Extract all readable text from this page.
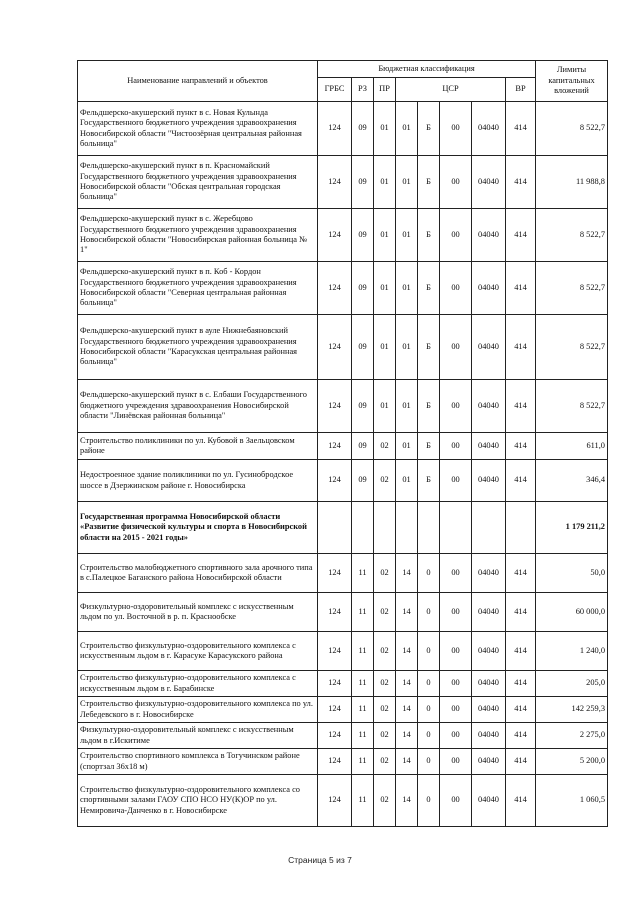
Наименование направлений и объектов	Бюджетная классификация								Лимиты капитальных вложений
	ГРБС	РЗ	ПР	ЦСР				ВР	
Фельдшерско-акушерский пункт в с. Новая Кулында Государственного бюджетного учреждения здравоохранения Новосибирской области "Чистоозёрная центральная районная больница"	124	09	01	01	Б	00	04040	414	8 522,7
Фельдшерско-акушерский пункт в п. Красномайский Государственного бюджетного учреждения здравоохранения Новосибирской области "Обская центральная городская больница"	124	09	01	01	Б	00	04040	414	11 988,8
Фельдшерско-акушерский пункт в с. Жеребцово Государственного бюджетного учреждения здравоохранения Новосибирской области "Новосибирская районная больница № 1"	124	09	01	01	Б	00	04040	414	8 522,7
Фельдшерско-акушерский пункт в п. Коб - Кордон Государственного бюджетного учреждения здравоохранения Новосибирской области "Северная центральная районная больница"	124	09	01	01	Б	00	04040	414	8 522,7
Фельдшерско-акушерский пункт в ауле Нижнебаяновский Государственного бюджетного учреждения здравоохранения Новосибирской области "Карасукская центральная районная больница"	124	09	01	01	Б	00	04040	414	8 522,7
Фельдшерско-акушерский пункт в с. Елбаши Государственного бюджетного учреждения здравоохранения Новосибирской области "Линёвская районная больница"	124	09	01	01	Б	00	04040	414	8 522,7
Строительство поликлиники по ул. Кубовой в Заельцовском районе	124	09	02	01	Б	00	04040	414	611,0
Недостроенное здание поликлиники по ул. Гусинобродское шоссе в Дзержинском районе г. Новосибирска	124	09	02	01	Б	00	04040	414	346,4
Государственная программа Новосибирской области «Развитие физической культуры и спорта в Новосибирской области на 2015 - 2021 годы»									1 179 211,2
Строительство малобюджетного спортивного зала арочного типа в с.Палецкое Баганского района Новосибирской области	124	11	02	14	0	00	04040	414	50,0
Физкультурно-оздоровительный комплекс с искусственным льдом по ул. Восточной в р. п. Краснообске	124	11	02	14	0	00	04040	414	60 000,0
Строительство физкультурно-оздоровительного комплекса с искусственным льдом в г. Карасуке Карасукского района	124	11	02	14	0	00	04040	414	1 240,0
Строительство физкультурно-оздоровительного комплекса с искусственным льдом в г. Барабинске	124	11	02	14	0	00	04040	414	205,0
Строительство физкультурно-оздоровительного комплекса по ул. Лебедевского в г. Новосибирске	124	11	02	14	0	00	04040	414	142 259,3
Физкультурно-оздоровительный комплекс с искусственным льдом в г.Искитиме	124	11	02	14	0	00	04040	414	2 275,0
Строительство спортивного комплекса в Тогучинском районе (спортзал 36х18 м)	124	11	02	14	0	00	04040	414	5 200,0
Строительство физкультурно-оздоровительного комплекса со спортивными залами ГАОУ СПО НСО НУ(К)ОР по ул. Немировича-Данченко в г. Новосибирске	124	11	02	14	0	00	04040	414	1 060,5
Страница 5 из 7
